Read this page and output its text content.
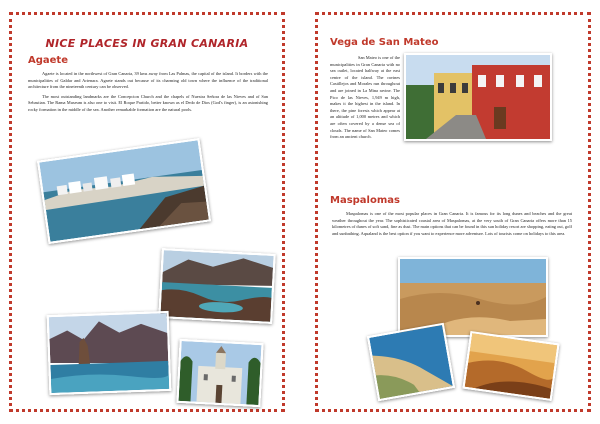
NICE PLACES IN GRAN CANARIA
Agaete

Agaete is located in the northwest of Gran Canaria, 39 kms away from Las Palmas, the capital of the island. It borders with the municipalities of Galdar and Artenara. Agaete stands out because of its charming old town where the influence of the traditional architecture from the nineteenth century can be observed.

The most outstanding landmarks are the Concepcion Church and the chapels of Nuestra Señora de las Nieves and of San Sebastian. The Rama Museum is also one to visit. El Roque Partido, better known as el Dedo de Dios (God's finger), is an astonishing rocky formation in the middle of the sea. Another remarkable formation are the natural pools.

Vega de San Mateo

San Mateo is one of the municipalities in Gran Canaria with no sea outlet, located halfway at the east centre of the island. The ravines Castillejos and Morales run throughout and are joined in La Mina ravine. The Pico de las Nieves, 1,949 m high, makes it the highest in the island. In there, the pine forests which appear at an altitude of 1,000 metres and which are often covered by a dense sea of clouds. The name of San Mateo comes from an ancient church.

Maspalomas

Maspalomas is one of the most popular places in Gran Canaria. It is famous for its long dunes and beaches and the great weather throughout the year. The sophisticated coastal area of Maspalomas, at the very south of Gran Canaria offers more than 15 kilometres of dunes of soft sand, fine as dust. The main options that can be found in this sun holiday resort are shopping, eating out, golf and sunbathing. Aqualand is the best option if you want to experience more adventure. Lots of tourists come on holidays to this area.
